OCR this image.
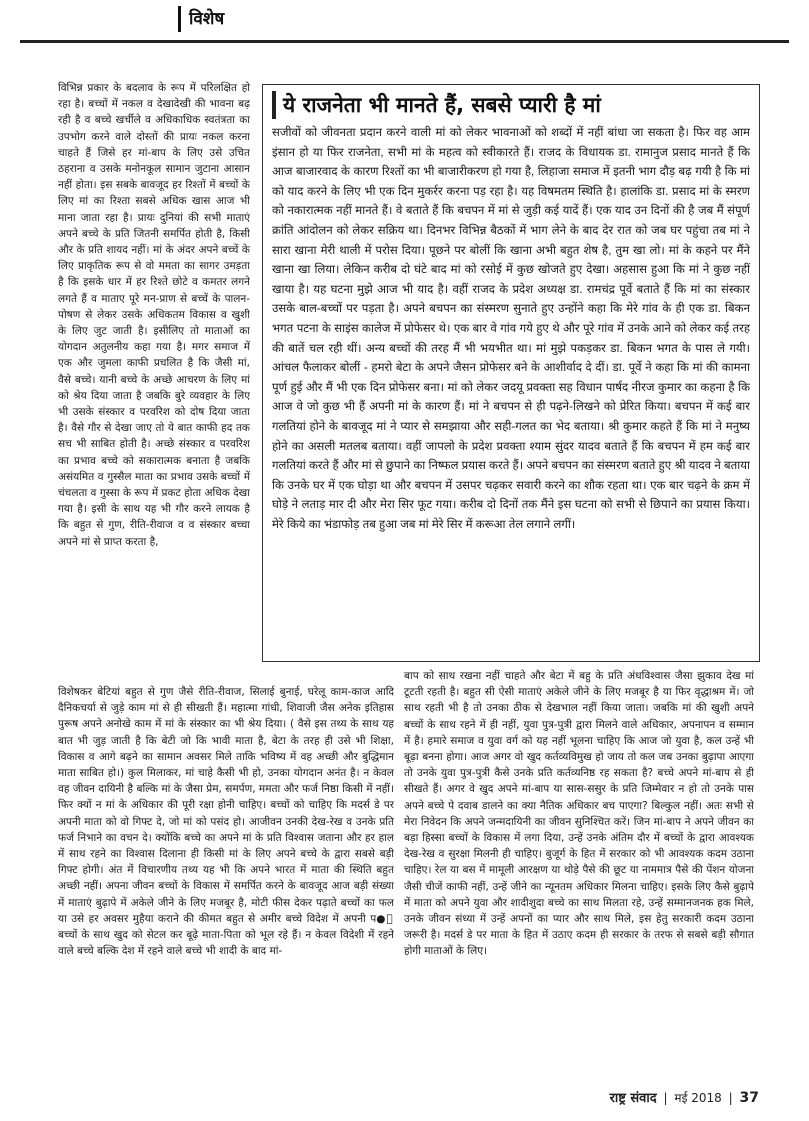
विशेष
विभिन्न प्रकार के बदलाव के रूप में परिलक्षित हो रहा है। बच्चों में नकल व देखादेखी की भावना बढ़ रही है व बच्चे खर्चीले व अधिकाधिक स्वतंत्रता का उपभोग करने वाले दोस्तों की प्रायः नकल करना चाहते हैं जिसे हर मां-बाप के लिए उसे उचित ठहराना व उसके मनोनकूल सामान जुटाना आसान नहीं होता। इस सबके बावजूद हर रिश्तों में बच्चों के लिए मां का रिश्ता सबसे अधिक खास आज भी माना जाता रहा है। प्रायः दुनियां की सभी माताएं अपने बच्चे के प्रति जितनी समर्पित होती है, किसी और के प्रति शायद नहीं। मां के अंदर अपने बच्चें के लिए प्राकृतिक रूप से वो ममता का सागर उमड़ता है कि इसके धार में हर रिश्ते छोटे व कमतर लगने लगते हैं व माताए पूरे मन-प्राण से बच्चें के पालन-पोषण से लेकर उसके अधिकतम विकास व खुशी के लिए जुट जाती है। इसीलिए तो माताओं का योगदान अतुलनीय कहा गया है। मगर समाज में एक और जुमला काफी प्रचलित है कि जैसी मां, वैसे बच्चे। यानी बच्चे के अच्छे आचरण के लिए मां को श्रेय दिया जाता है जबकि बुरे व्यवहार के लिए भी उसके संस्कार व परवरिश को दोष दिया जाता है। वैसे गौर से देखा जाए तो ये बात काफी हद तक सच भी साबित होती है। अच्छे संस्कार व परवरिश का प्रभाव बच्चे को सकारात्मक बनाता है जबकि असंयमित व गुस्सैल माता का प्रभाव उसके बच्चों में चंचलता व गुस्सा के रूप में प्रकट होता अधिक देखा गया है। इसी के साथ यह भी गौर करने लायक है कि बहुत से गुण, रीति-रीवाज व व संस्कार बच्चा अपने मां से प्राप्त करता है,
ये राजनेता भी मानते हैं, सबसे प्यारी है मां
सजीवों को जीवनता प्रदान करने वाली मां को लेकर भावनाओं को शब्दों में नहीं बांधा जा सकता है। फिर वह आम इंसान हो या फिर राजनेता, सभी मां के महत्व को स्वीकारते हैं। राजद के विधायक डा. रामानुज प्रसाद मानते हैं कि आज बाजारवाद के कारण रिश्तों का भी बाजारीकरण हो गया है, लिहाजा समाज में इतनी भाग दौड़ बढ़ गयी है कि मां को याद करने के लिए भी एक दिन मुकर्रर करना पड़ रहा है। यह विषमतम स्थिति है। हालांकि डा. प्रसाद मां के स्मरण को नकारात्मक नहीं मानते हैं। वे बताते हैं कि बचपन में मां से जुड़ी कई यादें हैं। एक याद उन दिनों की है जब मैं संपूर्ण क्रांति आंदोलन को लेकर सक्रिय था। दिनभर विभिन्न बैठकों में भाग लेने के बाद देर रात को जब घर पहुंचा तब मां ने सारा खाना मेरी थाली में परोस दिया। पूछने पर बोलीं कि खाना अभी बहुत शेष है, तुम खा लो। मां के कहने पर मैंने खाना खा लिया। लेकिन करीब दो घंटे बाद मां को रसोई में कुछ खोजते हुए देखा। अहसास हुआ कि मां ने कुछ नहीं खाया है। यह घटना मुझे आज भी याद है। वहीं राजद के प्रदेश अध्यक्ष डा. रामचंद्र पूर्वे बताते हैं कि मां का संस्कार उसके बाल-बच्चों पर पड़ता है। अपने बचपन का संस्मरण सुनाते हुए उन्होंने कहा कि मेरे गांव के ही एक डा. बिकन भगत पटना के साइंस कालेज में प्रोफेसर थे। एक बार वे गांव गये हुए थे और पूरे गांव में उनके आने को लेकर कई तरह की बातें चल रही थीं। अन्य बच्चों की तरह मैं भी भयभीत था। मां मुझे पकड़कर डा. बिकन भगत के पास ले गयी। आंचल फैलाकर बोलीं - हमरो बेटा के अपने जैसन प्रोफेसर बने के आशीर्वाद दे दीं। डा. पूर्वे ने कहा कि मां की कामना पूर्ण हुई और मैं भी एक दिन प्रोफेसर बना। मां को लेकर जदयू प्रवक्ता सह विधान पार्षद नीरज कुमार का कहना है कि आज वे जो कुछ भी हैं अपनी मां के कारण हैं। मां ने बचपन से ही पढ़ने-लिखने को प्रेरित किया। बचपन में कई बार गलतियां होने के बावजूद मां ने प्यार से समझाया और सही-गलत का भेद बताया। श्री कुमार कहते हैं कि मां ने मनुष्य होने का असली मतलब बताया। वहीं जापलो के प्रदेश प्रवक्ता श्याम सुंदर यादव बताते हैं कि बचपन में हम कई बार गलतियां करते हैं और मां से छुपाने का निष्फल प्रयास करते हैं। अपने बचपन का संस्मरण बताते हुए श्री यादव ने बताया कि उनके घर में एक घोड़ा था और बचपन में उसपर चढ़कर सवारी करने का शौक रहता था। एक बार चढ़ने के क्रम में घोड़े ने लताड़ मार दी और मेरा सिर फूट गया। करीब दो दिनों तक मैंने इस घटना को सभी से छिपाने का प्रयास किया। मेरे किये का भंडाफोड़ तब हुआ जब मां मेरे सिर में करूआ तेल लगाने लगीं।
विशेषकर बेटियां बहुत से गुण जैसे रीति-रीवाज, सिलाई बुनाई, घरेलू काम-काज आदि दैनिकचर्या से जुड़े काम मां से ही सीखती हैं। महात्मा गांधी, शिवाजी जैस अनेक इतिहास पुरूष अपने अनोखे काम में मां के संस्कार का भी श्रेय दिया। ( वैसे इस तथ्य के साथ यह बात भी जुड़ जाती है कि बेटी जो कि भावी माता है, बेटा के तरह ही उसे भी शिक्षा, विकास व आगे बढ़ने का सामान अवसर मिले ताकि भविष्य में वह अच्छी और बुद्धिमान माता साबित हो।) कुल मिलाकर, मां चाहे कैसी भी हो, उनका योगदान अनंत है। न केवल वह जीवन दायिनी है बल्कि मां के जैसा प्रेम, समर्पण, ममता और फर्ज निष्ठा किसी में नहीं। फिर क्यों न मां के अधिकार की पूरी रक्षा होनी चाहिए। बच्चों को चाहिए कि मदर्स डे पर अपनी माता को वो गिफ्ट दे, जो मां को पसंद हो। आजीवन उनकी देख-रेख व उनके प्रति फर्ज निभाने का वचन दे। क्योंकि बच्चे का अपने मां के प्रति विश्वास जताना और हर हाल में साथ रहने का विश्वास दिलाना ही किसी मां के लिए अपने बच्चे के द्वारा सबसे बड़ी गिफ्ट होगी। अंत में विचारणीय तथ्य यह भी कि अपने भारत में माता की स्थिति बहुत अच्छी नहीं। अपना जीवन बच्चों के विकास में समर्पित करने के बावजूद आज बड़ी संख्या में माताएं बुढ़ापे में अकेले जीने के लिए मजबूर है, मोटी फीस देकर पढ़ाते बच्चों का फल या उसे हर अवसर मुहैया कराने की कीमत बहुत से अमीर बच्चे विदेश में अपनी प●ी बच्चों के साथ खुद को सेटल कर बूढ़े माता-पिता को भूल रहे हैं। न केवल विदेशी में रहने वाले बच्चे बल्कि देश में रहने वाले बच्चे भी शादी के बाद मां-
बाप को साथ रखना नहीं चाहते और बेटा में बहु के प्रति अंधविश्वास जैसा झुकाव देख मां टूटती रहती है। बहुत सी ऐसी माताएं अकेले जीने के लिए मजबूर है या फिर वृद्धाश्रम में। जो साथ रहती भी है तो उनका ठीक से देखभाल नहीं किया जाता। जबकि मां की खुशी अपने बच्चों के साथ रहने में ही नहीं, युवा पुत्र-पुत्री द्वारा मिलने वाले अधिकार, अपनापन व सम्मान में है। हमारे समाज व युवा वर्ग को यह नहीं भूलना चाहिए कि आज जो युवा है, कल उन्हें भी बूढ़ा बनना होगा। आज अगर वो खुद कर्तव्यविमुख हो जाय तो कल जब उनका बुढ़ापा आएगा तो उनके युवा पुत्र-पुत्री कैसे उनके प्रति कर्तव्यनिष्ठ रह सकता है? बच्चे अपने मां-बाप से ही सीखते हैं। अगर वे खुद अपने मां-बाप या सास-ससुर के प्रति जिम्मेवार न हो तो उनके पास अपने बच्चे पे दवाब डालने का क्या नैतिक अधिकार बच पाएगा? बिल्कुल नहीं। अतः सभी से मेरा निवेदन कि अपने जन्मदायिनी का जीवन सुनिश्चित करें। जिन मां-बाप ने अपने जीवन का बड़ा हिस्सा बच्चों के विकास में लगा दिया, उन्हें उनके अंतिम दौर में बच्चों के द्वारा आवश्यक देख-रेख व सुरक्षा मिलनी ही चाहिए। बुजूर्ग के हित में सरकार को भी आवश्यक कदम उठाना चाहिए। रेल या बस में मामूली आरक्षण या थोड़े पैसे की छूट या नाममात्र पैसे की पेंशन योजना जैसी चीजें काफी नहीं, उन्हें जीने का न्यूनतम अधिकार मिलना चाहिए। इसके लिए कैसे बुढ़ापे में माता को अपने युवा और शादीशुदा बच्चे का साथ मिलता रहे, उन्हें सम्मानजनक हक मिले, उनके जीवन संध्या में उन्हें अपनों का प्यार और साथ मिले, इस हेतु सरकारी कदम उठाना जरूरी है। मदर्स डे पर माता के हित में उठाए कदम ही सरकार के तरफ से सबसे बड़ी सौगात होगी माताओं के लिए।
राष्ट्र संवाद | मई 2018 | 37
